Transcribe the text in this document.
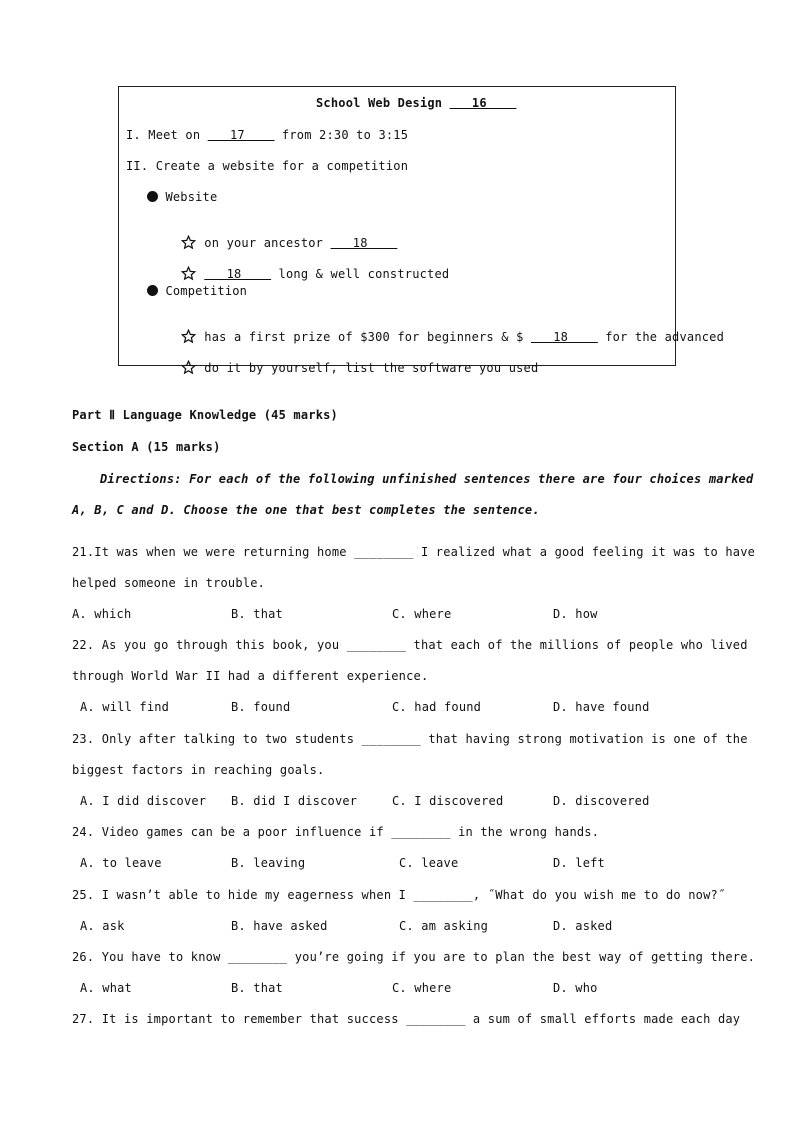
School Web Design    16
I. Meet on    17     from 2:30 to 3:15
II. Create a website for a competition
Website

on your ancestor    18

18     long & well constructed

Competition

has a first prize of $300 for beginners & $    18     for the advanced

do it by yourself, list the software you used

Part Ⅱ Language Knowledge (45 marks)
Section A (15 marks)
Directions: For each of the following unfinished sentences there are four choices marked
A, B, C and D. Choose the one that best completes the sentence.
21.It was when we were returning home ________ I realized what a good feeling it was to have
helped someone in trouble.
A. which	B. that	C. where	D. how
22. As you go through this book, you ________ that each of the millions of people who lived
through World War II had a different experience.
A. will find	B. found	C. had found	D. have found
23. Only after talking to two students ________ that having strong motivation is one of the
biggest factors in reaching goals.
A. I did discover B. did I discover	C. I discovered	D. discovered
24. Video games can be a poor influence if ________ in the wrong hands.
A. to leave	B. leaving	C. leave	D. left
25. I wasn’t able to hide my eagerness when I ________, ˝What do you wish me to do now?˝
A. ask	B. have asked	C. am asking	D. asked
26. You have to know ________ you’re going if you are to plan the best way of getting there.
A. what	B. that	C. where	D. who
27. It is important to remember that success ________ a sum of small efforts made each day
